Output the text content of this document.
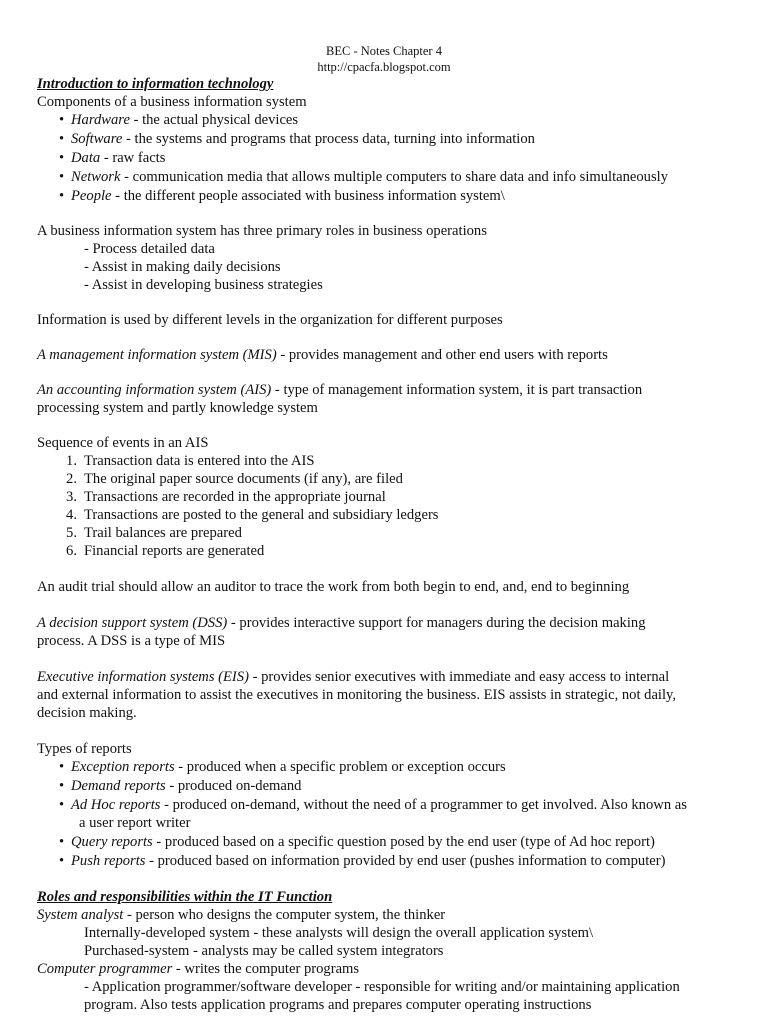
BEC - Notes Chapter 4
http://cpacfa.blogspot.com
Introduction to information technology
Components of a business information system
• Hardware - the actual physical devices
• Software - the systems and programs that process data, turning into information
• Data - raw facts
• Network - communication media that allows multiple computers to share data and info simultaneously
• People - the different people associated with business information system\
A business information system has three primary roles in business operations
- Process detailed data
- Assist in making daily decisions
- Assist in developing business strategies
Information is used by different levels in the organization for different purposes
A management information system (MIS) - provides management and other end users with reports
An accounting information system (AIS) - type of management information system, it is part transaction
processing system and partly knowledge system
Sequence of events in an AIS
1. Transaction data is entered into the AIS
2. The original paper source documents (if any), are filed
3. Transactions are recorded in the appropriate journal
4. Transactions are posted to the general and subsidiary ledgers
5. Trail balances are prepared
6. Financial reports are generated
An audit trial should allow an auditor to trace the work from both begin to end, and, end to beginning
A decision support system (DSS) - provides interactive support for managers during the decision making
process. A DSS is a type of MIS
Executive information systems (EIS) - provides senior executives with immediate and easy access to internal
and external information to assist the executives in monitoring the business. EIS assists in strategic, not daily,
decision making.
Types of reports
• Exception reports - produced when a specific problem or exception occurs
• Demand reports - produced on-demand
• Ad Hoc reports - produced on-demand, without the need of a programmer to get involved. Also known as
a user report writer
• Query reports - produced based on a specific question posed by the end user (type of Ad hoc report)
• Push reports - produced based on information provided by end user (pushes information to computer)
Roles and responsibilities within the IT Function
System analyst - person who designs the computer system, the thinker
Internally-developed system - these analysts will design the overall application system\
Purchased-system - analysts may be called system integrators
Computer programmer - writes the computer programs
- Application programmer/software developer - responsible for writing and/or maintaining application
program. Also tests application programs and prepares computer operating instructions
